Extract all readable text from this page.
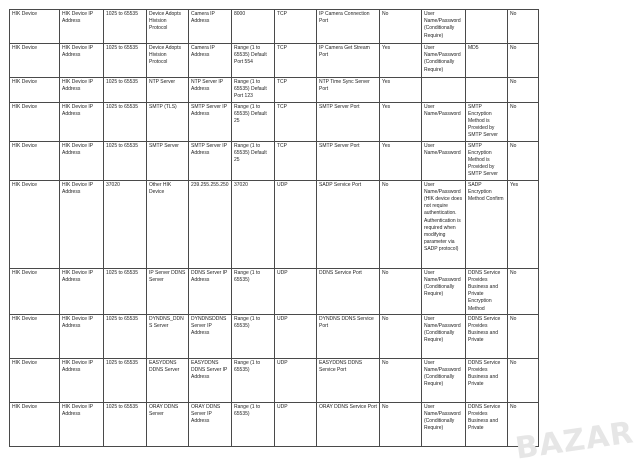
HIK Device	HIK Device IP Address	1025 to 65535	Device Adopts Hivision Protocol	Camera IP Address	8000	TCP	IP Camera Connection Port	No	User Name/Password (Conditionally Require)		No
HIK Device	HIK Device IP Address	1025 to 65535	Device Adopts Hivision Protocol	Camera IP Address	Range (1 to 65535) Default Port 554	TCP	IP Camera Get Stream Port	Yes	User Name/Password (Conditionally Require)	MD5	No
HIK Device	HIK Device IP Address	1025 to 65535	NTP Server	NTP Server IP Address	Range (1 to 65535) Default Port 123	TCP	NTP Time Sync Server Port	Yes			No
HIK Device	HIK Device IP Address	1025 to 65535	SMTP (TLS)	SMTP Server IP Address	Range (1 to 65535) Default 25	TCP	SMTP Server Port	Yes	User Name/Password	SMTP Encryption Method is Provided by SMTP Server	No
HIK Device	HIK Device IP Address	1025 to 65535	SMTP Server	SMTP Server IP Address	Range (1 to 65535) Default 25	TCP	SMTP Server Port	Yes	User Name/Password	SMTP Encryption Method is Provided by SMTP Server	No
HIK Device	HIK Device IP Address	37020	Other HIK Device	239.255.255.250	37020	UDP	SADP Service Port	No	User Name/Password (HIK device does not require authentication. Authentication is required when modifying parameter via SADP protocol)	SADP Encryption Method Confirm	Yes
HIK Device	HIK Device IP Address	1025 to 65535	IP Server DDNS Server	DDNS Server IP Address	Range (1 to 65535)	UDP	DDNS Service Port	No	User Name/Password (Conditionally Require)	DDNS Service Provides Business and Private Encryption Method	No
HIK Device	HIK Device IP Address	1025 to 65535	DYNDNS_DDNS Server	DYNDNSDDNS Server IP Address	Range (1 to 65535)	UDP	DYNDNS DDNS Service Port	No	User Name/Password (Conditionally Require)	DDNS Service Provides Business and Private	No
HIK Device	HIK Device IP Address	1025 to 65535	EASYDDNS DDNS Server	EASYDDNS DDNS Server IP Address	Range (1 to 65535)	UDP	EASYDDNS DDNS Service Port	No	User Name/Password (Conditionally Require)	DDNS Service Provides Business and Private	No
HIK Device	HIK Device IP Address	1025 to 65535	ORAY DDNS Server	ORAY DDNS Server IP Address	Range (1 to 65535)	UDP	ORAY DDNS Service Port	No	User Name/Password (Conditionally Require)	DDNS Service Provides Business and Private	No
BAZAR
